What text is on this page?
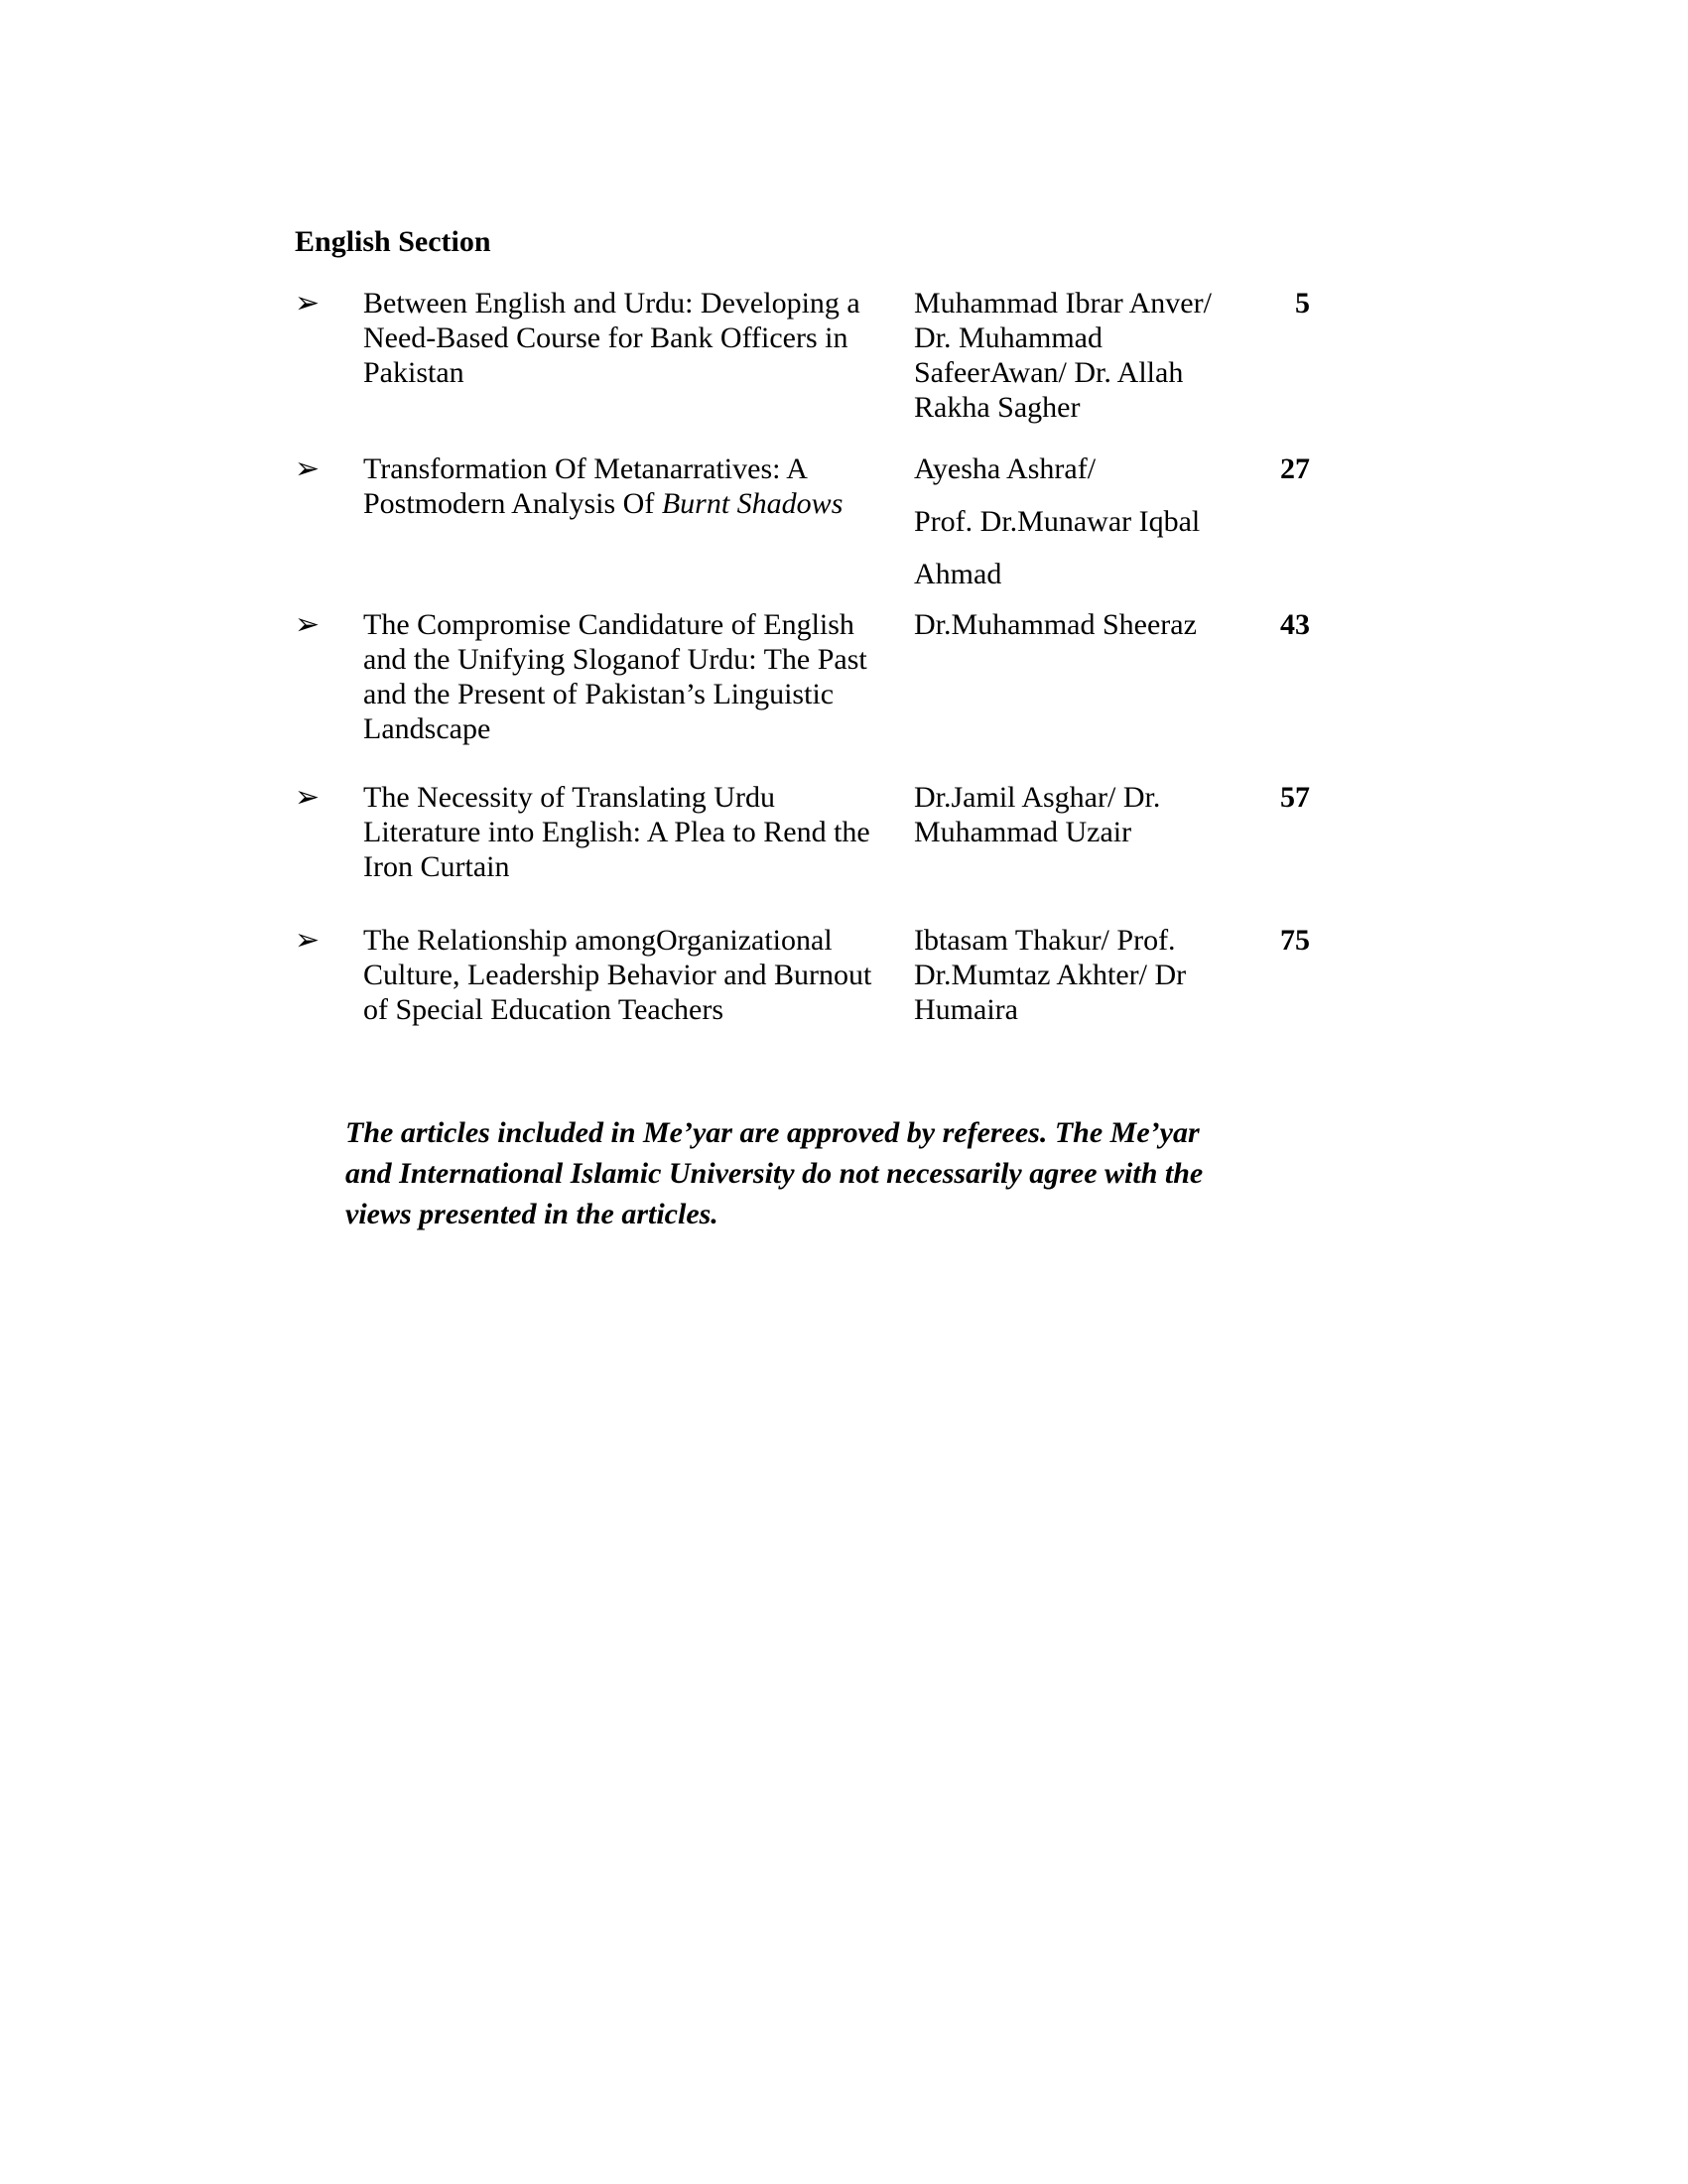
English Section
➢ Between English and Urdu: Developing a
Need-Based Course for Bank Officers in
Pakistan
Muhammad Ibrar Anver/
Dr. Muhammad
SafeerAwan/ Dr. Allah
Rakha Sagher
5
➢ Transformation Of Metanarratives: A
Postmodern Analysis Of Burnt Shadows
Ayesha Ashraf/
Prof. Dr.Munawar Iqbal
Ahmad
27
➢ The Compromise Candidature of English
and the Unifying Sloganof Urdu: The Past
and the Present of Pakistan’s Linguistic
Landscape
Dr.Muhammad Sheeraz	43
➢ The Necessity of Translating Urdu
Literature into English: A Plea to Rend the
Iron Curtain
Dr.Jamil Asghar/ Dr.
Muhammad Uzair
57
➢ The Relationship amongOrganizational
Culture, Leadership Behavior and Burnout
of Special Education Teachers
Ibtasam Thakur/ Prof.
Dr.Mumtaz Akhter/ Dr
Humaira
75

The articles included in Me’yar are approved by referees. The Me’yar
and International Islamic University do not necessarily agree with the
views presented in the articles.
